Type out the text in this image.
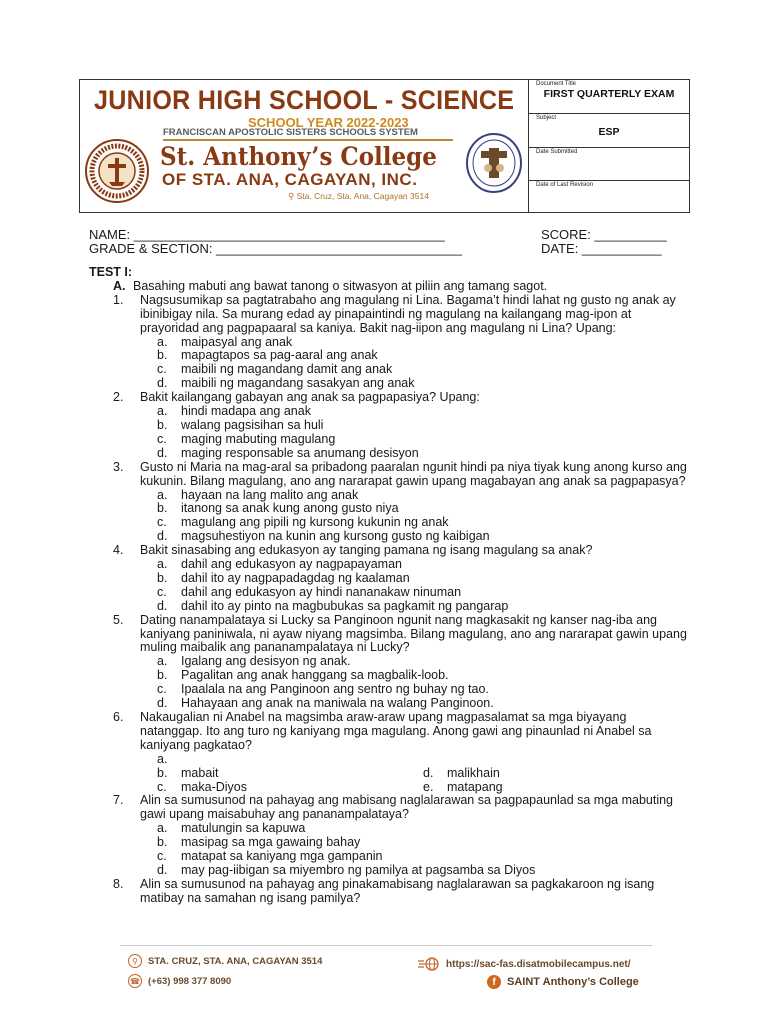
JUNIOR HIGH SCHOOL - SCIENCE
SCHOOL YEAR 2022-2023
FRANCISCAN APOSTOLIC SISTERS SCHOOLS SYSTEM
St. Anthony’s College
OF STA. ANA, CAGAYAN, INC.
⚲ Sta. Cruz, Sta. Ana, Cagayan 3514
Document Title
FIRST QUARTERLY EXAM
Subject
ESP
Date Submitted
Date of Last Revision
NAME: ___________________________________________
GRADE & SECTION: __________________________________
SCORE: __________
DATE: ___________
TEST I:
A. Basahing mabuti ang bawat tanong o sitwasyon at piliin ang tamang sagot.
1.	Nagsusumikap sa pagtatrabaho ang magulang ni Lina. Bagama’t hindi lahat ng gusto ng anak ay ibinibigay nila. Sa murang edad ay pinapaintindi ng magulang na kailangang mag-ipon at prayoridad ang pagpapaaral sa kaniya. Bakit nag-iipon ang magulang ni Lina? Upang:
a.	maipasyal ang anak
b.	mapagtapos sa pag-aaral ang anak
c.	maibili ng magandang damit ang anak
d.	maibili ng magandang sasakyan ang anak
2.	Bakit kailangang gabayan ang anak sa pagpapasiya? Upang:
a.	hindi madapa ang anak
b.	walang pagsisihan sa huli
c.	maging mabuting magulang
d.	maging responsable sa anumang desisyon
3.	Gusto ni Maria na mag-aral sa pribadong paaralan ngunit hindi pa niya tiyak kung anong kurso ang kukunin. Bilang magulang, ano ang nararapat gawin upang magabayan ang anak sa pagpapasya?
a.	hayaan na lang malito ang anak
b.	itanong sa anak kung anong gusto niya
c.	magulang ang pipili ng kursong kukunin ng anak
d.	magsuhestiyon na kunin ang kursong gusto ng kaibigan
4.	Bakit sinasabing ang edukasyon ay tanging pamana ng isang magulang sa anak?
a.	dahil ang edukasyon ay nagpapayaman
b.	dahil ito ay nagpapadagdag ng kaalaman
c.	dahil ang edukasyon ay hindi nananakaw ninuman
d.	dahil ito ay pinto na magbubukas sa pagkamit ng pangarap
5.	Dating nanampalataya si Lucky sa Panginoon ngunit nang magkasakit ng kanser nag-iba ang kaniyang paniniwala, ni ayaw niyang magsimba. Bilang magulang, ano ang nararapat gawin upang muling maibalik ang pananampalataya ni Lucky?
a.	Igalang ang desisyon ng anak.
b.	Pagalitan ang anak hanggang sa magbalik-loob.
c.	Ipaalala na ang Panginoon ang sentro ng buhay ng tao.
d.	Hahayaan ang anak na maniwala na walang Panginoon.
6.	Nakaugalian ni Anabel na magsimba araw-araw upang magpasalamat sa mga biyayang natanggap. Ito ang turo ng kaniyang mga magulang. Anong gawi ang pinaunlad ni Anabel sa kaniyang pagkatao?
a.

b.	mabait	d.	malikhain
c.	maka-Diyos	e.	matapang
7.	Alin sa sumusunod na pahayag ang mabisang naglalarawan sa pagpapaunlad sa mga mabuting gawi upang maisabuhay ang pananampalataya?
a.	matulungin sa kapuwa
b.	masipag sa mga gawaing bahay
c.	matapat sa kaniyang mga gampanin
d.	may pag-iibigan sa miyembro ng pamilya at pagsamba sa Diyos
8.	Alin sa sumusunod na pahayag ang pinakamabisang naglalarawan sa pagkakaroon ng isang matibay na samahan ng isang pamilya?
⚲	STA. CRUZ, STA. ANA, CAGAYAN 3514
☎ (+63) 998 377 8090
https://sac-fas.disatmobilecampus.net/
f	SAINT Anthony’s College
